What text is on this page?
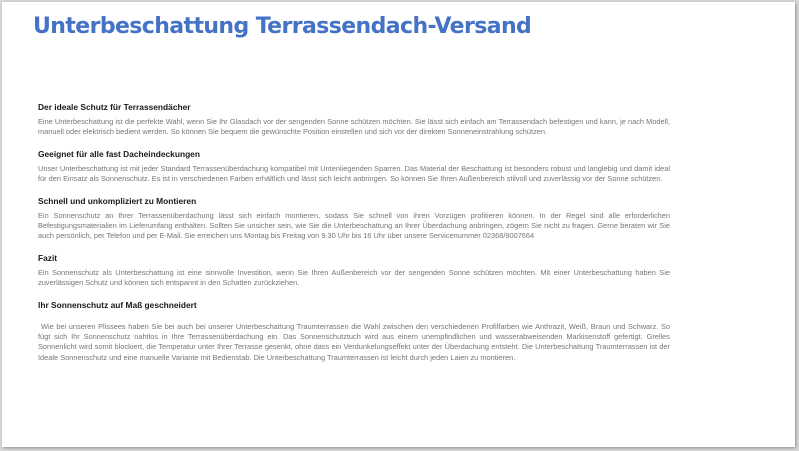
Unterbeschattung Terrassendach-Versand
Der ideale Schutz für Terrassendächer

Eine Unterbeschattung ist die perfekte Wahl, wenn Sie Ihr Glasdach vor der sengenden Sonne schützen möchten. Sie lässt sich einfach am Terrassendach befestigen und kann, je nach Modell, manuell oder elektrisch bedient werden. So können Sie bequem die gewünschte Position einstellen und sich vor der direkten Sonneneinstrahlung schützen.

Geeignet für alle fast Dacheindeckungen

Unser Unterbeschattung ist mit jeder Standard Terrassenüberdachung kompatibel mit Untenliegenden Sparren. Das Material der Beschattung ist besonders robust und langlebig und damit ideal für den Einsatz als Sonnenschutz. Es ist in verschiedenen Farben erhältlich und lässt sich leicht anbringen. So können Sie Ihren Außenbereich stilvoll und zuverlässig vor der Sonne schützen.

Schnell und unkompliziert zu Montieren

Ein Sonnenschutz an Ihrer Terrassenüberdachung lässt sich einfach montieren, sodass Sie schnell von ihren Vorzügen profitieren können. In der Regel sind alle erforderlichen Befestigungsmaterialien im Lieferumfang enthalten. Sollten Sie unsicher sein, wie Sie die Unterbeschattung an Ihrer Überdachung anbringen, zögern Sie nicht zu fragen. Gerne beraten wir Sie auch persönlich, per Telefon und per E-Mail. Sie erreichen uns Montag bis Freitag von 9.30 Uhr bis 16 Uhr über unsere Servicenummer 02368/9007664

Fazit

Ein Sonnenschutz als Unterbeschattung ist eine sinnvolle Investition, wenn Sie Ihren Außenbereich vor der sengenden Sonne schützen möchten. Mit einer Unterbeschattung haben Sie zuverlässigen Schutz und können sich entspannt in den Schatten zurückziehen.

Ihr Sonnenschutz auf Maß geschneidert

Wie bei unseren Plissees haben Sie bei auch bei unserer Unterbeschattung Traumterrassen die Wahl zwischen den verschiedenen Profilfarben wie Anthrazit, Weiß, Braun und Schwarz. So fügt sich Ihr Sonnenschutz nahtlos in Ihre Terrassenüberdachung ein. Das Sonnenschutztuch wird aus einem unempfindlichen und wasserabweisenden Markisenstoff gefertigt. Grelles Sonnenlicht wird somit blockiert, die Temperatur unter Ihrer Terrasse gesenkt, ohne dass ein Verdunkelungseffekt unter der Überdachung entsteht. Die Unterbeschattung Traumterrassen ist der Ideale Sonnenschutz und eine manuelle Variante mit Bedienstab. Die Unterbeschattung Traumterrassen ist leicht durch jeden Laien zu montieren.
